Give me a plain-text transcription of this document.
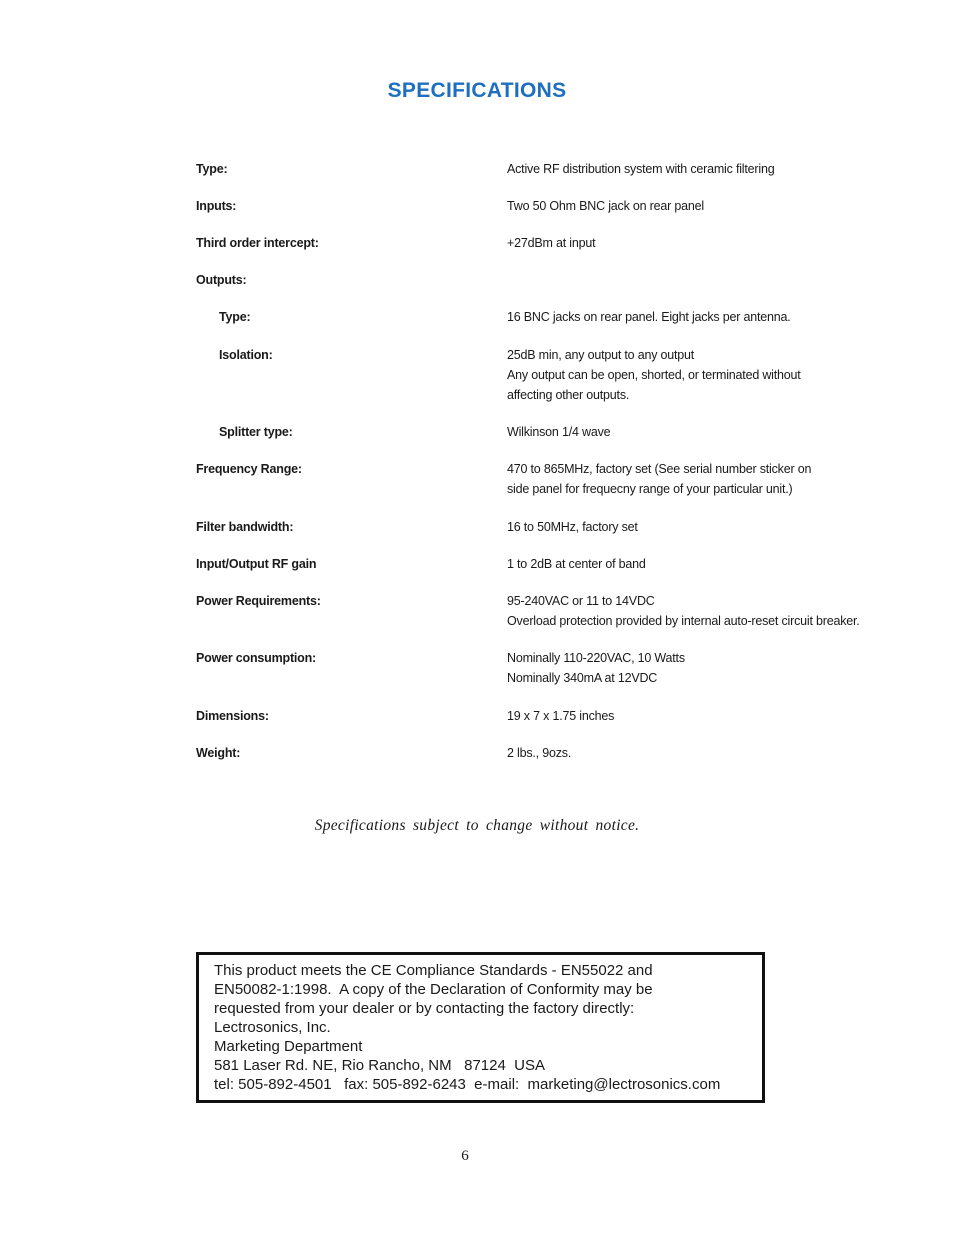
SPECIFICATIONS
Type:	Active RF distribution system with ceramic filtering
Inputs:	Two 50 Ohm BNC jack on rear panel
Third order intercept:	+27dBm at input
Outputs:
Type:	16 BNC jacks on rear panel. Eight jacks per antenna.
Isolation:	25dB min, any output to any output
Any output can be open, shorted, or terminated without
affecting other outputs.
Splitter type:	Wilkinson 1/4 wave
Frequency Range:	470 to 865MHz, factory set (See serial number sticker on
side panel for frequecny range of your particular unit.)
Filter bandwidth:	16 to 50MHz, factory set
Input/Output RF gain	1 to 2dB at center of band
Power Requirements:	95-240VAC or 11 to 14VDC
Overload protection provided by internal auto-reset circuit breaker.
Power consumption:	Nominally 110-220VAC, 10 Watts
Nominally 340mA at 12VDC
Dimensions:	19 x 7 x 1.75 inches
Weight:	2 lbs., 9ozs.
Specifications subject to change without notice.
This product meets the CE Compliance Standards - EN55022 and
EN50082-1:1998.  A copy of the Declaration of Conformity may be
requested from your dealer or by contacting the factory directly:
Lectrosonics, Inc.
Marketing Department
581 Laser Rd. NE, Rio Rancho, NM   87124  USA
tel: 505-892-4501   fax: 505-892-6243  e-mail:  marketing@lectrosonics.com
6
